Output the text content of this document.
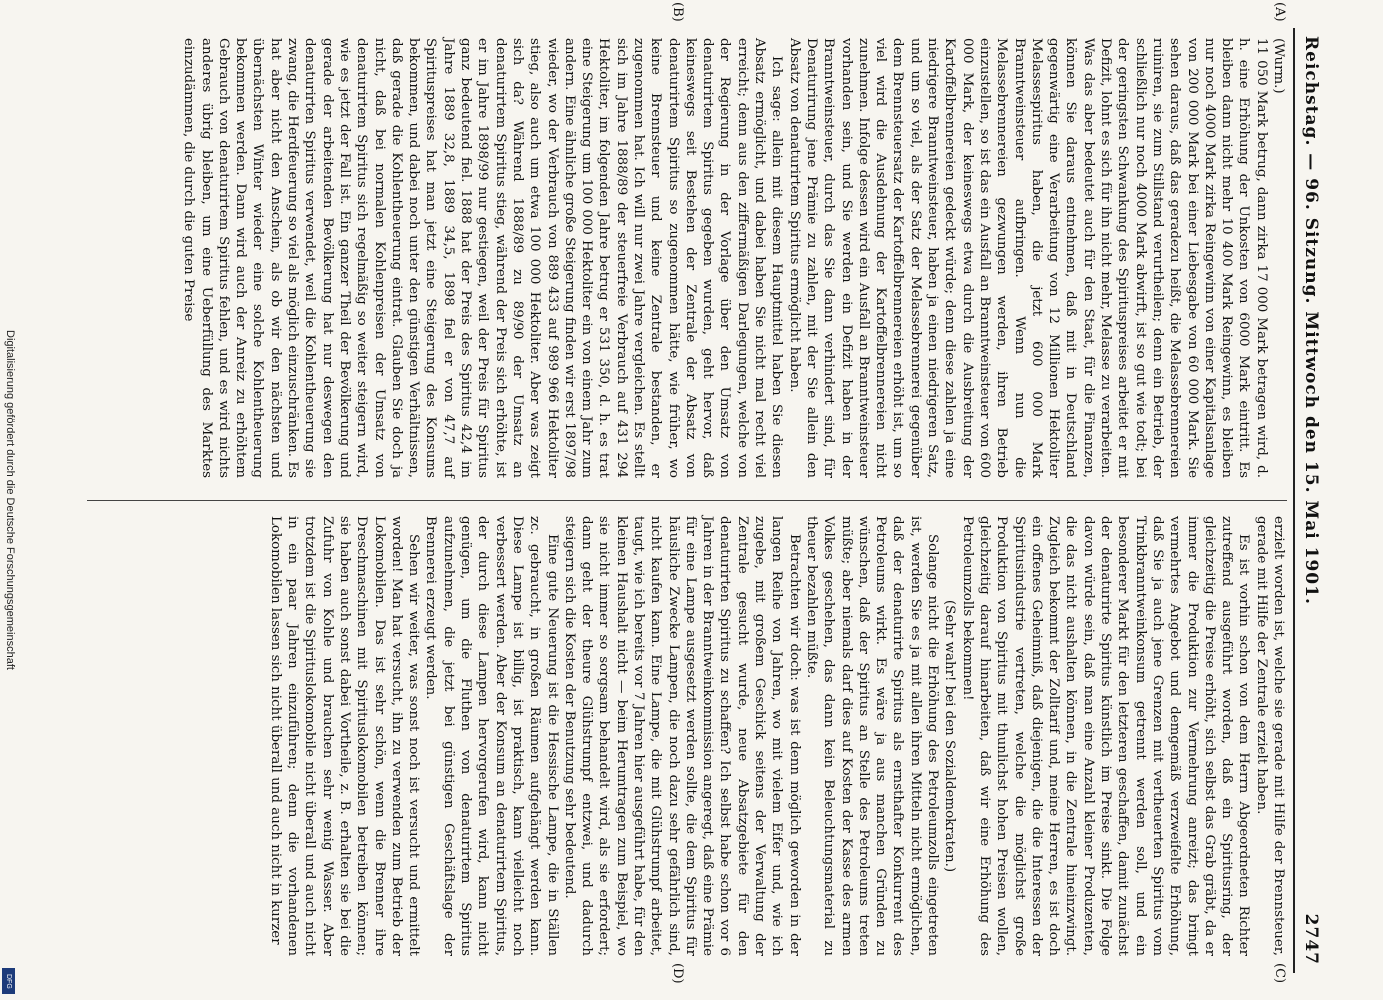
Reichstag. — 96. Sitzung. Mittwoch den 15. Mai 1901.
2747

(Wurm.)

11 050 Mark betrug, dann zirka 17 000 Mark betragen wird, d. h. eine Erhöhung der Unkosten von 6000 Mark eintritt. Es bleiben dann nicht mehr 10 400 Mark Reingewinn, es bleiben nur noch 4000 Mark zirka Reingewinn von einer Kapitalsanlage von 200 000 Mark bei einer Liebesgabe von 60 000 Mark. Sie sehen daraus, daß das geradezu heißt, die Melassebrennereien ruiniren, sie zum Stillstand verurtheilen; denn ein Betrieb, der schließlich nur noch 4000 Mark abwirft, ist so gut wie todt; bei der geringsten Schwankung des Spirituspreises arbeitet er mit Defizit, lohnt es sich für ihn nicht mehr, Melasse zu verarbeiten. Was das aber bedeutet auch für den Staat, für die Finanzen, können Sie daraus entnehmen, daß mit in Deutschland gegenwärtig eine Verarbeitung von 12 Millionen Hektoliter Melassespiritus haben, die jetzt 600 000 Mark Branntweinsteuer aufbringen. Wenn nun die Melassebrennereien gezwungen werden, ihren Betrieb einzustellen, so ist das ein Ausfall an Branntweinsteuer von 600 000 Mark, der keineswegs etwa durch die Ausbreitung der Kartoffelbrennereien gedeckt würde; denn diese zahlen ja eine niedrigere Branntweinsteuer, haben ja einen niedrigeren Satz, und um so viel, als der Satz der Melassebrennerei gegenüber dem Brennsteuersatz der Kartoffelbrennereien erhöht ist, um so viel wird die Ausdehnung der Kartoffelbrennereien nicht zunehmen. Infolge dessen wird ein Ausfall an Branntweinsteuer vorhanden sein, und Sie werden ein Defizit haben in der Branntweinsteuer, durch das Sie dann verhindert sind, für Denaturirung jene Prämie zu zahlen, mit der Sie allein den Absatz von denaturirtem Spiritus ermöglicht haben.

Ich sage: allein mit diesem Hauptmittel haben Sie diesen Absatz ermöglicht, und dabei haben Sie nicht mal recht viel erreicht; denn aus den ziffermäßigen Darlegungen, welche von der Regierung in der Vorlage über den Umsatz von denaturirtem Spiritus gegeben wurden, geht hervor, daß keineswegs seit Bestehen der Zentrale der Absatz von denaturirtem Spiritus so zugenommen hätte, wie früher, wo keine Brennsteuer und keine Zentrale bestanden, er zugenommen hat. Ich will nur zwei Jahre vergleichen. Es stellt sich im Jahre 1888/89 der steuerfreie Verbrauch auf 431 294 Hektoliter, im folgenden Jahre betrug er 531 350, d. h. es trat eine Steigerung um 100 000 Hektoliter ein von einem Jahr zum andern. Eine ähnliche große Steigerung finden wir erst 1897/98 wieder, wo der Verbrauch von 889 433 auf 989 966 Hektoliter stieg, also auch um etwa 100 000 Hektoliter. Aber was zeigt sich da? Während 1888/89 zu 89/90 der Umsatz an denaturirtem Spiritus stieg, während der Preis sich erhöhte, ist er im Jahre 1898/99 nur gestiegen, weil der Preis für Spiritus ganz bedeutend fiel. 1888 hat der Preis des Spiritus 42,4 im Jahre 1889 32,8, 1889 34,5, 1898 fiel er von 47,7 auf Spirituspreises hat man jetzt eine Steigerung des Konsums bekommen, und dabei noch unter den günstigen Verhältnissen, daß gerade die Kohlentheuerung eintrat. Glauben Sie doch ja nicht, daß bei normalen Kohlenpreisen der Umsatz von denaturirtem Spiritus sich regelmäßig so weiter steigern wird, wie es jetzt der Fall ist. Ein ganzer Theil der Bevölkerung und gerade der arbeitenden Bevölkerung hat nur deswegen den denaturirten Spiritus verwendet, weil die Kohlentheuerung sie zwang, die Herdfeuerung so viel als möglich einzuschränken. Es hat aber nicht den Anschein, als ob wir den nächsten und übernächsten Winter wieder eine solche Kohlentheuerung bekommen werden. Dann wird auch der Anreiz zu erhöhtem Gebrauch von denaturirtem Spiritus fehlen, und es wird nichts anderes übrig bleiben, um eine Ueberfüllung des Marktes einzudämmen, die durch die guten Preise

(A)
(B)

erzielt worden ist, welche sie gerade mit Hilfe der Brennsteuer, gerade mit Hilfe der Zentrale erzielt haben.

Es ist vorhin schon von dem Herrn Abgeordneten Richter zutreffend ausgeführt worden, daß ein Spiritusring, der gleichzeitig die Preise erhöht, sich selbst das Grab gräbt, da er immer die Produktion zur Vermehrung anreizt; das bringt vermehrtes Angebot und demgemäß verzweifelte Erhöhung, daß Sie ja auch jene Grenzen mit vertheuerten Spiritus vom Trinkbranntweinkonsum getrennt werden soll, und ein besonderer Markt für den letzteren geschaffen, damit zunächst der denaturirte Spiritus künstlich im Preise sinkt. Die Folge davon würde sein, daß man eine Anzahl kleiner Produzenten, die das nicht aushalten können, in die Zentrale hineinzwingt. Zugleich bekommt der Zolltarif und, meine Herren, es ist doch ein offenes Geheimniß, daß diejenigen, die die Interessen der Spiritusindustrie vertreten, welche die möglichst große Produktion von Spiritus mit thunlichst hohen Preisen wollen, gleichzeitig darauf hinarbeiten, daß wir eine Erhöhung des Petroleumzolls bekommen!

(Sehr wahr! bei den Sozialdemokraten.)

Solange nicht die Erhöhung des Petroleumzolls eingetreten ist, werden Sie es ja mit allen ihren Mitteln nicht ermöglichen, daß der denaturirte Spiritus als ernsthafter Konkurrent des Petroleums wirkt. Es wäre ja aus manchen Gründen zu wünschen, daß der Spiritus an Stelle des Petroleums treten müßte; aber niemals darf dies auf Kosten der Kasse des armen Volkes geschehen, das dann kein Beleuchtungsmaterial zu theuer bezahlen müßte.

Betrachten wir doch: was ist denn möglich geworden in der langen Reihe von Jahren, wo mit vielem Eifer und, wie ich zugebe, mit großem Geschick seitens der Verwaltung der Zentrale gesucht wurde, neue Absatzgebiete für den denaturirten Spiritus zu schaffen? Ich selbst habe schon vor 6 Jahren in der Branntweinkommission angeregt, daß eine Prämie für eine Lampe ausgesetzt werden sollte, die dem Spiritus für häusliche Zwecke Lampen, die noch dazu sehr gefährlich sind, nicht kaufen kann. Eine Lampe, die mit Glühstrumpf arbeitet, taugt, wie ich bereits vor 7 Jahren hier ausgeführt habe, für den kleinen Haushalt nicht — beim Herumtragen zum Beispiel, wo sie nicht immer so sorgsam behandelt wird, als sie erfordert; dann geht der theure Glühstrumpf entzwei, und dadurch steigern sich die Kosten der Benutzung sehr bedeutend.

Eine gute Neuerung ist die Hessische Lampe, die in Ställen zc. gebraucht, in großen Räumen aufgehängt werden kann. Diese Lampe ist billig, ist praktisch, kann vielleicht noch verbessert werden. Aber der Konsum an denaturirtem Spiritus, der durch diese Lampen hervorgerufen wird, kann nicht genügen, um die Fluthen von denaturirtem Spiritus aufzunehmen, die jetzt bei günstigen Geschäftslage der Brennerei erzeugt werden.

Sehen wir weiter, was sonst noch ist versucht und ermittelt worden! Man hat versucht, ihn zu verwenden zum Betrieb der Lokomobilen. Das ist sehr schön, wenn die Brenner ihre Dreschmaschinen mit Spirituslokomobilen betreiben können; sie haben auch sonst dabei Vortheile, z. B. erhalten sie bei die Zufuhr von Kohle und brauchen sehr wenig Wasser. Aber trotzdem ist die Spirituslokomobile nicht überall und auch nicht in ein paar Jahren einzuführen; denn die vorhandenen Lokomobilen lassen sich nicht überall und auch nicht in kurzer

(C)
(D)
Digitalisierung gefördert durch die Deutsche Forschungsgemeinschaft
DFG
